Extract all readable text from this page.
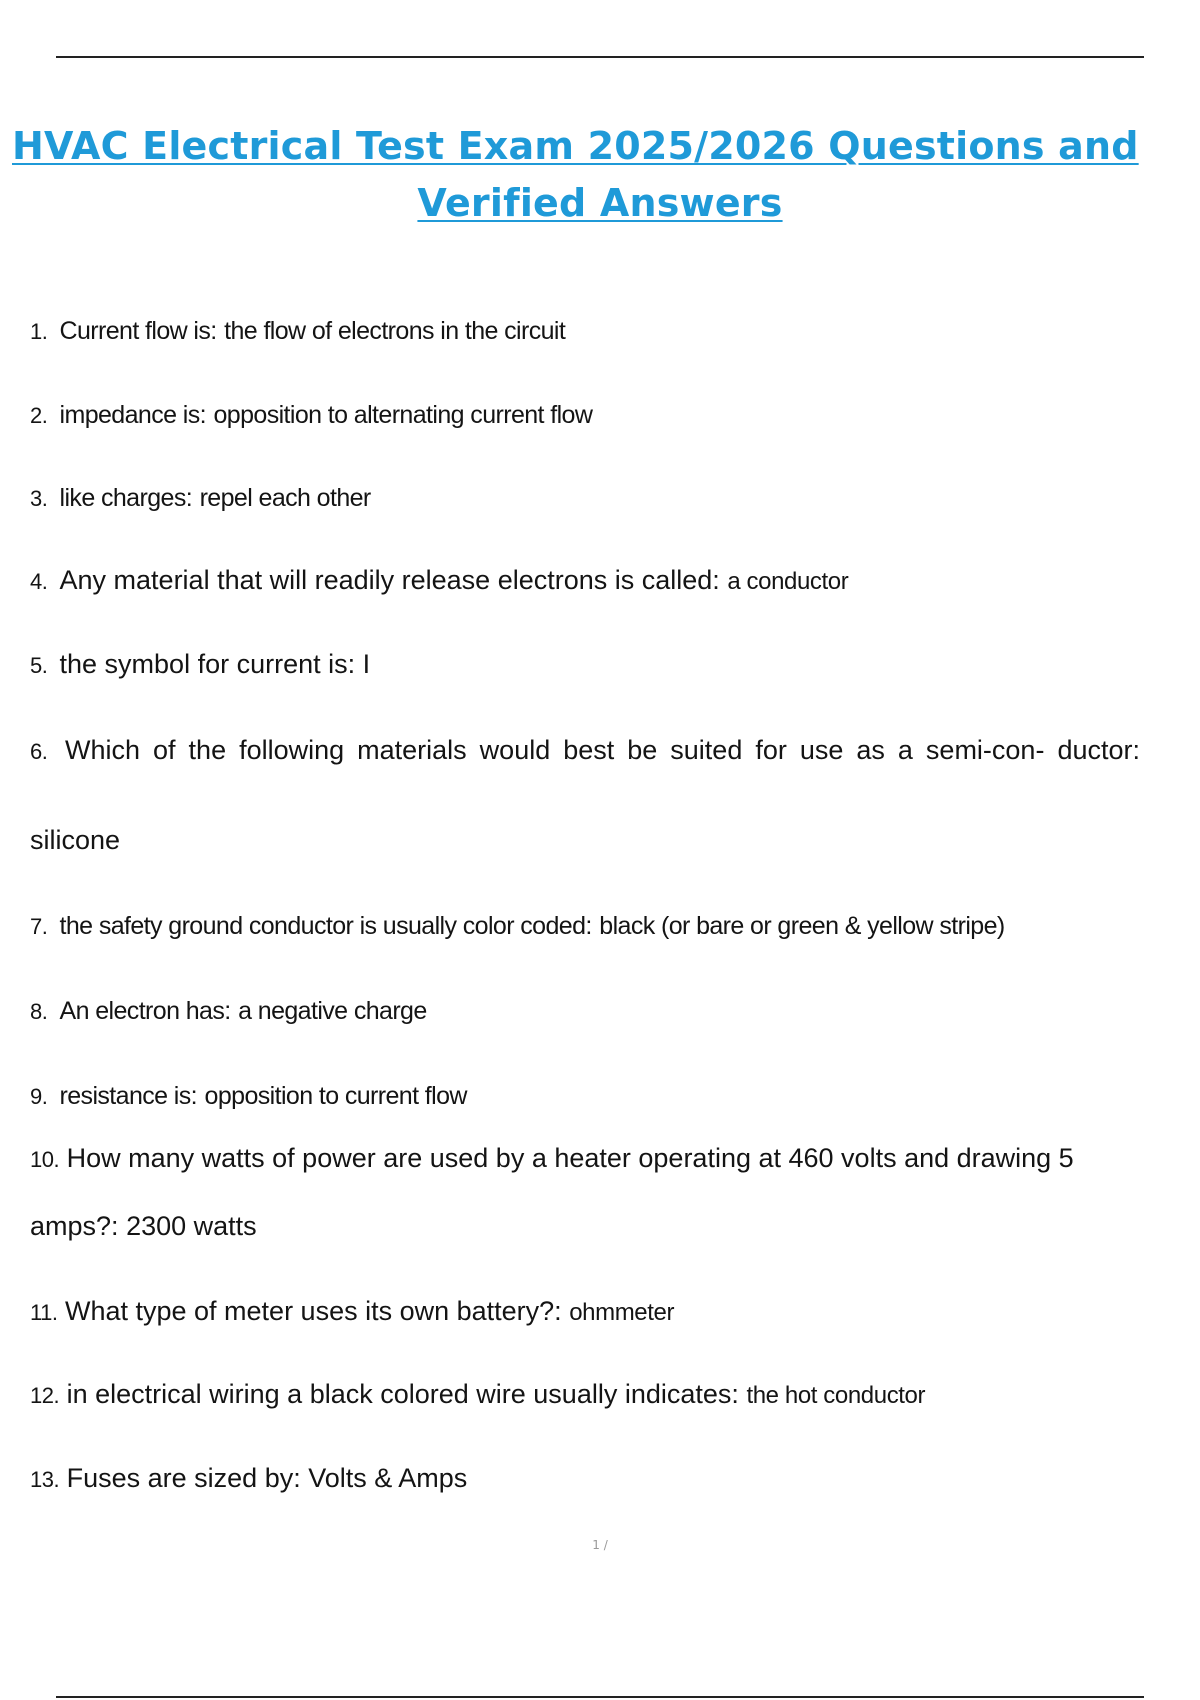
HVAC Electrical Test Exam 2025/2026 Questions and
Verified Answers
1. Current flow is: the flow of electrons in the circuit
2. impedance is: opposition to alternating current flow
3. like charges: repel each other
4. Any material that will readily release electrons is called: a conductor
5. the symbol for current is: I
6. Which of the following materials would best be suited for use as a semi-con- ductor: silicone
7. the safety ground conductor is usually color coded: black (or bare or green & yellow stripe)
8. An electron has: a negative charge
9. resistance is: opposition to current flow
10. How many watts of power are used by a heater operating at 460 volts and drawing 5 amps?: 2300 watts
11. What type of meter uses its own battery?: ohmmeter
12. in electrical wiring a black colored wire usually indicates: the hot conductor
13. Fuses are sized by: Volts & Amps
1 /
